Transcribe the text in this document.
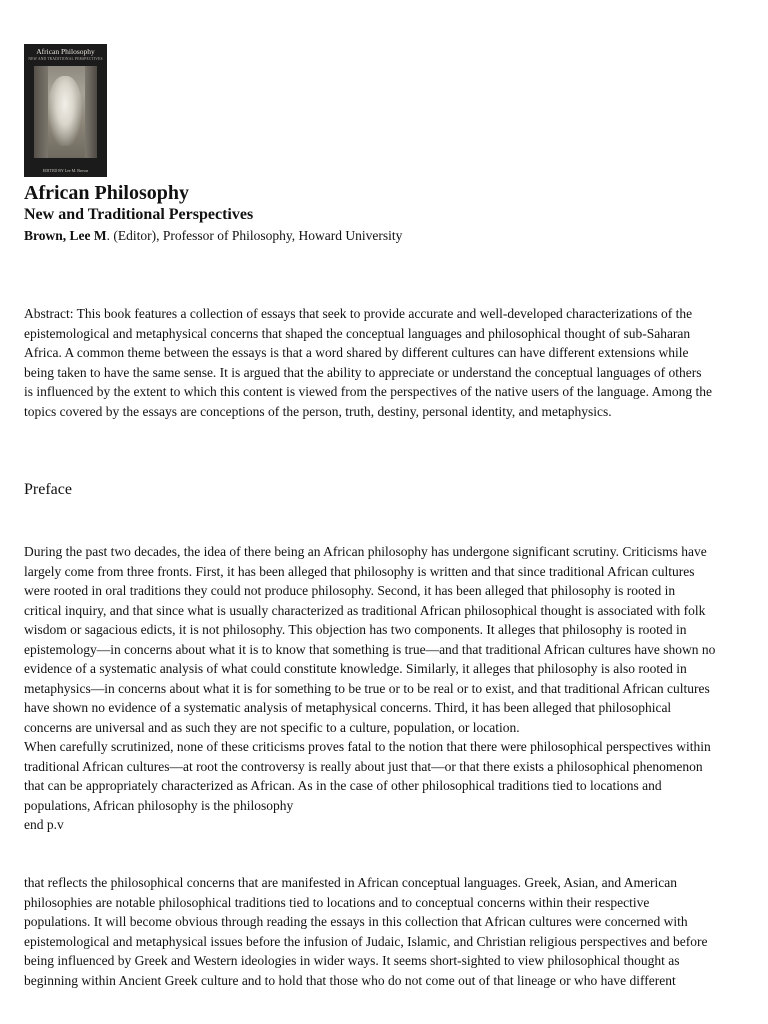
African Philosophy
NEW AND TRADITIONAL PERSPECTIVES
EDITED BY Lee M. Brown
African Philosophy
New and Traditional Perspectives
Brown, Lee M. (Editor), Professor of Philosophy, Howard University
Abstract: This book features a collection of essays that seek to provide accurate and well-developed characterizations of the
epistemological and metaphysical concerns that shaped the conceptual languages and philosophical thought of sub-Saharan
Africa. A common theme between the essays is that a word shared by different cultures can have different extensions while
being taken to have the same sense. It is argued that the ability to appreciate or understand the conceptual languages of others
is influenced by the extent to which this content is viewed from the perspectives of the native users of the language. Among the
topics covered by the essays are conceptions of the person, truth, destiny, personal identity, and metaphysics.
Preface
During the past two decades, the idea of there being an African philosophy has undergone significant scrutiny. Criticisms have
largely come from three fronts. First, it has been alleged that philosophy is written and that since traditional African cultures
were rooted in oral traditions they could not produce philosophy. Second, it has been alleged that philosophy is rooted in
critical inquiry, and that since what is usually characterized as traditional African philosophical thought is associated with folk
wisdom or sagacious edicts, it is not philosophy. This objection has two components. It alleges that philosophy is rooted in
epistemology—in concerns about what it is to know that something is true—and that traditional African cultures have shown no
evidence of a systematic analysis of what could constitute knowledge. Similarly, it alleges that philosophy is also rooted in
metaphysics—in concerns about what it is for something to be true or to be real or to exist, and that traditional African cultures
have shown no evidence of a systematic analysis of metaphysical concerns. Third, it has been alleged that philosophical
concerns are universal and as such they are not specific to a culture, population, or location.
When carefully scrutinized, none of these criticisms proves fatal to the notion that there were philosophical perspectives within
traditional African cultures—at root the controversy is really about just that—or that there exists a philosophical phenomenon
that can be appropriately characterized as African. As in the case of other philosophical traditions tied to locations and
populations, African philosophy is the philosophy
end p.v
that reflects the philosophical concerns that are manifested in African conceptual languages. Greek, Asian, and American
philosophies are notable philosophical traditions tied to locations and to conceptual concerns within their respective
populations. It will become obvious through reading the essays in this collection that African cultures were concerned with
epistemological and metaphysical issues before the infusion of Judaic, Islamic, and Christian religious perspectives and before
being influenced by Greek and Western ideologies in wider ways. It seems short-sighted to view philosophical thought as
beginning within Ancient Greek culture and to hold that those who do not come out of that lineage or who have different
